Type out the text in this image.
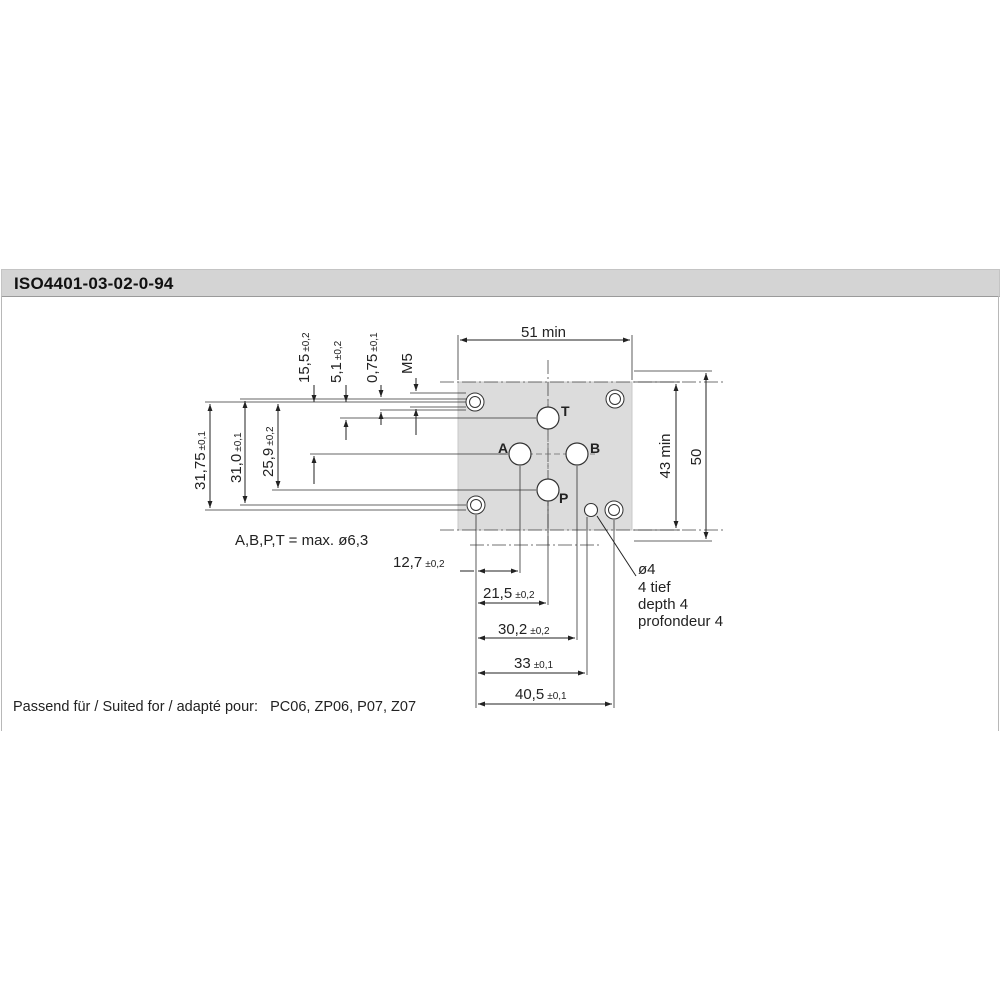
ISO4401-03-02-0-94
T
A	B
P
51 min
43 min 50
31,75±0,1
31,0±0,1
25,9±0,2
15,5±0,2
5,1±0,2
0,75±0,1
M5
12,7 ±0,2
21,5 ±0,2
30,2 ±0,2
33 ±0,1
40,5 ±0,1
ø4
4 tief
depth 4
profondeur 4
A,B,P,T = max. ø6,3
Passend für / Suited for / adapté pour:   PC06, ZP06, P07, Z07
